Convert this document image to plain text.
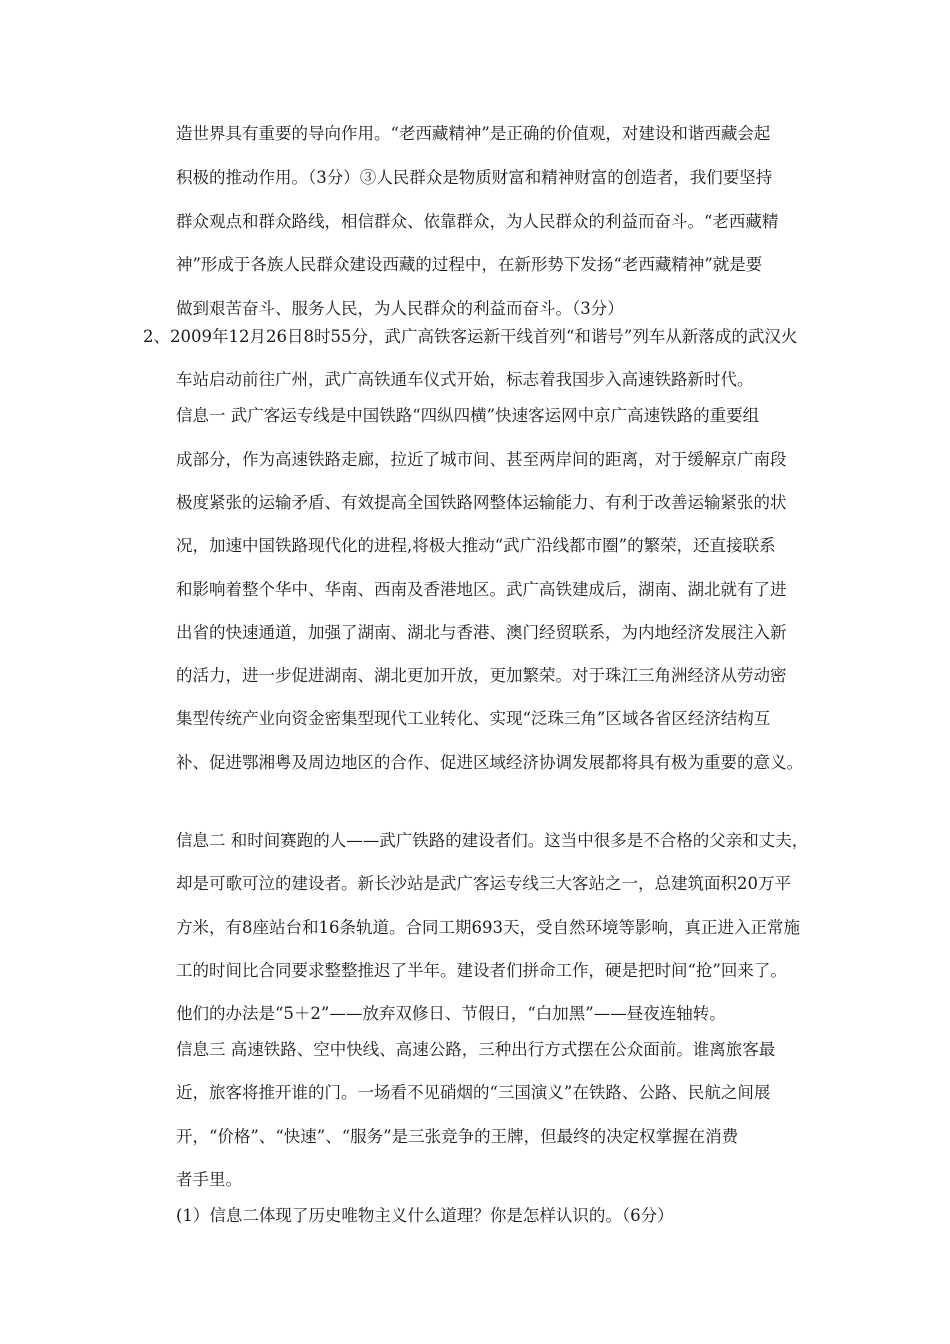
造世界具有重要的导向作用。“老西藏精神”是正确的价值观，对建设和谐西藏会起
积极的推动作用。（3分）③人民群众是物质财富和精神财富的创造者，我们要坚持
群众观点和群众路线，相信群众、依靠群众，为人民群众的利益而奋斗。“老西藏精
神”形成于各族人民群众建设西藏的过程中，在新形势下发扬“老西藏精神”就是要
做到艰苦奋斗、服务人民，为人民群众的利益而奋斗。（3分）
2、2009年12月26日8时55分，武广高铁客运新干线首列“和谐号”列车从新落成的武汉火
车站启动前往广州，武广高铁通车仪式开始，标志着我国步入高速铁路新时代。
信息一 武广客运专线是中国铁路“四纵四横”快速客运网中京广高速铁路的重要组
成部分，作为高速铁路走廊，拉近了城市间、甚至两岸间的距离，对于缓解京广南段
极度紧张的运输矛盾、有效提高全国铁路网整体运输能力、有利于改善运输紧张的状
况，加速中国铁路现代化的进程,将极大推动“武广沿线都市圈”的繁荣，还直接联系
和影响着整个华中、华南、西南及香港地区。武广高铁建成后，湖南、湖北就有了进
出省的快速通道，加强了湖南、湖北与香港、澳门经贸联系，为内地经济发展注入新
的活力，进一步促进湖南、湖北更加开放，更加繁荣。对于珠江三角洲经济从劳动密
集型传统产业向资金密集型现代工业转化、实现“泛珠三角”区域各省区经济结构互
补、促进鄂湘粤及周边地区的合作、促进区域经济协调发展都将具有极为重要的意义。
信息二 和时间赛跑的人——武广铁路的建设者们。这当中很多是不合格的父亲和丈夫，
却是可歌可泣的建设者。新长沙站是武广客运专线三大客站之一，总建筑面积20万平
方米，有8座站台和16条轨道。合同工期693天，受自然环境等影响，真正进入正常施
工的时间比合同要求整整推迟了半年。建设者们拼命工作，硬是把时间“抢”回来了。
他们的办法是“5＋2”——放弃双修日、节假日，“白加黑”——昼夜连轴转。
信息三 高速铁路、空中快线、高速公路，三种出行方式摆在公众面前。谁离旅客最
近，旅客将推开谁的门。一场看不见硝烟的“三国演义”在铁路、公路、民航之间展
开，“价格”、“快速”、“服务”是三张竞争的王牌，但最终的决定权掌握在消费
者手里。
(1）信息二体现了历史唯物主义什么道理？你是怎样认识的。（6分）
